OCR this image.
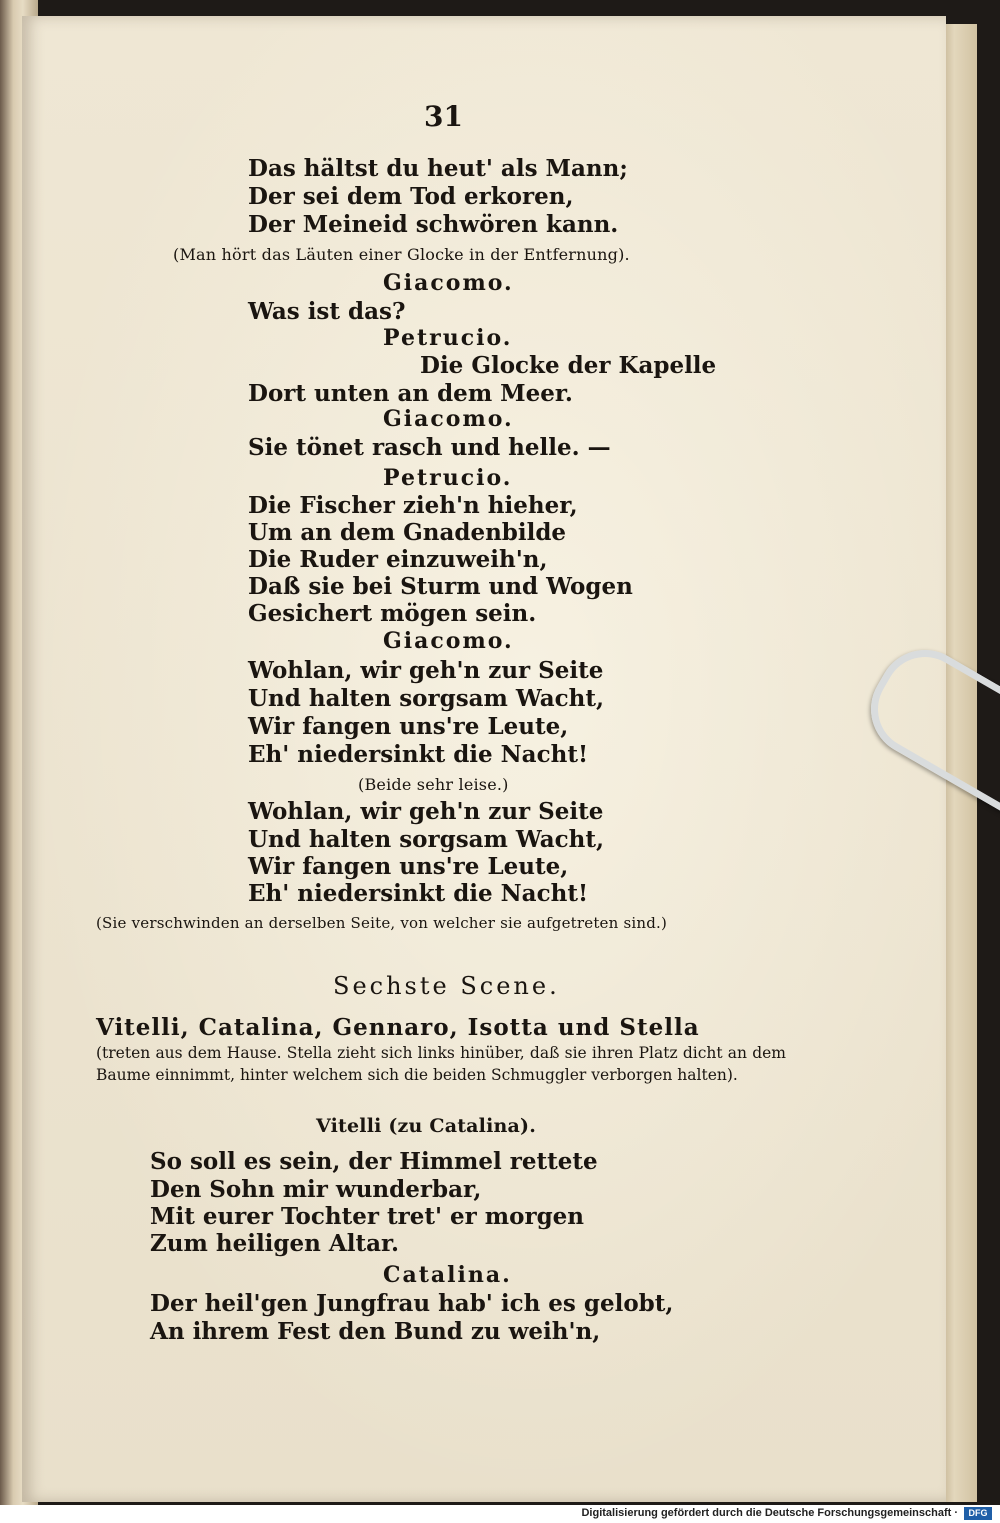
31
Das hältst du heut' als Mann;
Der sei dem Tod erkoren,
Der Meineid schwören kann.
(Man hört das Läuten einer Glocke in der Entfernung).
Giacomo.
Was ist das?
Petrucio.
Die Glocke der Kapelle
Dort unten an dem Meer.
Giacomo.
Sie tönet rasch und helle. —
Petrucio.
Die Fischer zieh'n hieher,
Um an dem Gnadenbilde
Die Ruder einzuweih'n,
Daß sie bei Sturm und Wogen
Gesichert mögen sein.
Giacomo.
Wohlan, wir geh'n zur Seite
Und halten sorgsam Wacht,
Wir fangen uns're Leute,
Eh' niedersinkt die Nacht!
(Beide sehr leise.)
Wohlan, wir geh'n zur Seite
Und halten sorgsam Wacht,
Wir fangen uns're Leute,
Eh' niedersinkt die Nacht!
(Sie verschwinden an derselben Seite, von welcher sie aufgetreten sind.)
Sechste Scene.
Vitelli, Catalina, Gennaro, Isotta und Stella
(treten aus dem Hause. Stella zieht sich links hinüber, daß sie ihren Platz dicht an dem Baume einnimmt, hinter welchem sich die beiden Schmuggler verborgen halten).
Vitelli (zu Catalina).
So soll es sein, der Himmel rettete
Den Sohn mir wunderbar,
Mit eurer Tochter tret' er morgen
Zum heiligen Altar.
Catalina.
Der heil'gen Jungfrau hab' ich es gelobt,
An ihrem Fest den Bund zu weih'n,
Digitalisierung gefördert durch die Deutsche Forschungsgemeinschaft ·	DFG
